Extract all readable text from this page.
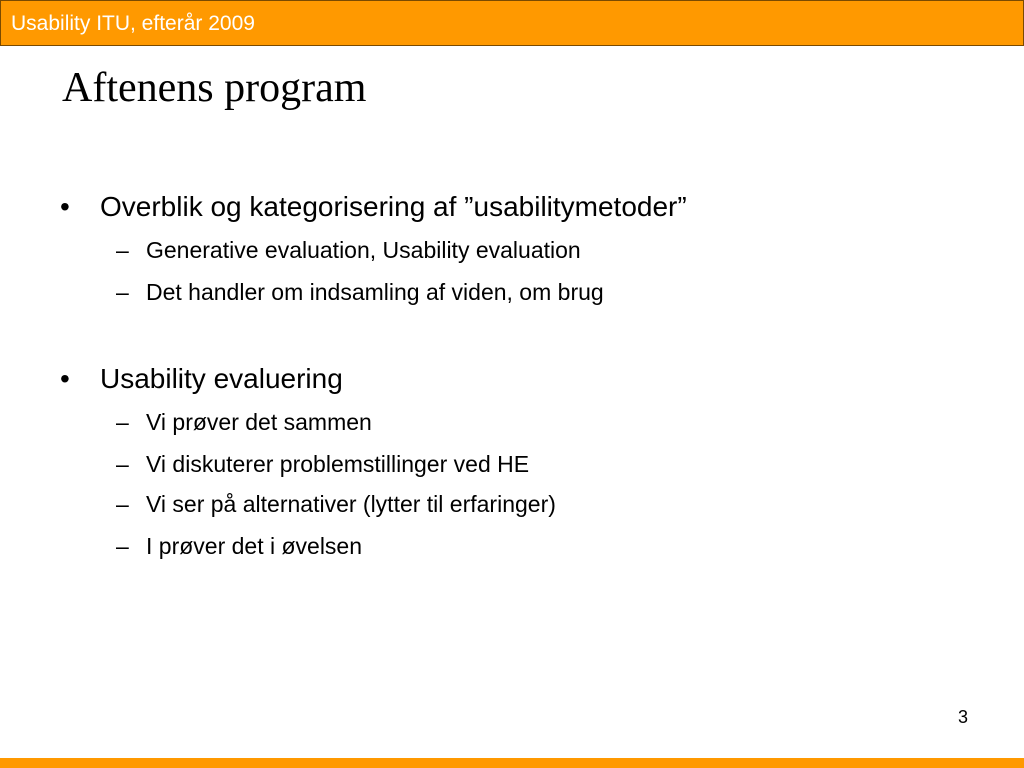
Usability ITU, efterår 2009
Aftenens program
• Overblik og kategorisering af ”usabilitymetoder”
– Generative evaluation, Usability evaluation
– Det handler om indsamling af viden, om brug
• Usability evaluering
– Vi prøver det sammen
– Vi diskuterer problemstillinger ved HE
– Vi ser på alternativer (lytter til erfaringer)
– I prøver det i øvelsen
3
